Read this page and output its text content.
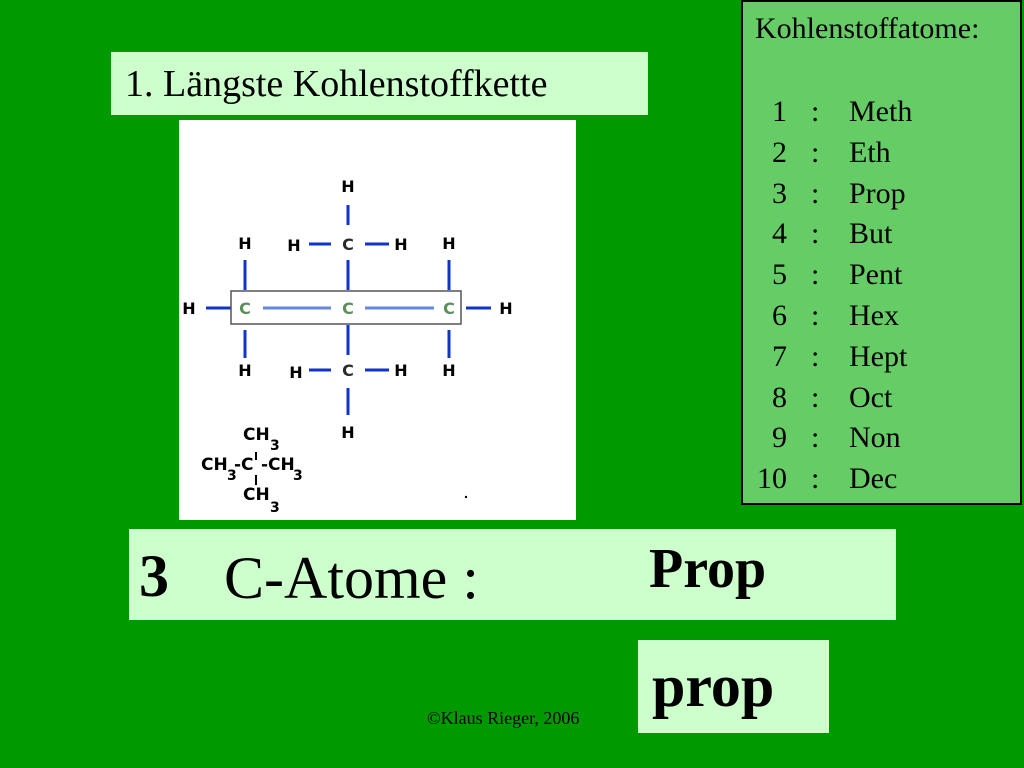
1. Längste Kohlenstoffkette
Kohlenstoffatome:
1 : Meth
2 : Eth
3 : Prop
4 : But
5 : Pent
6 : Hex
7 : Hept
8 : Oct
9 : Non
10 : Dec
H
H H	C	H H
H	C	C	C	H
H H C	H H
H
CH
3
CH
3
-C -CH
3
CH
3
3 C-Atome :	Prop
prop
©Klaus Rieger, 2006
